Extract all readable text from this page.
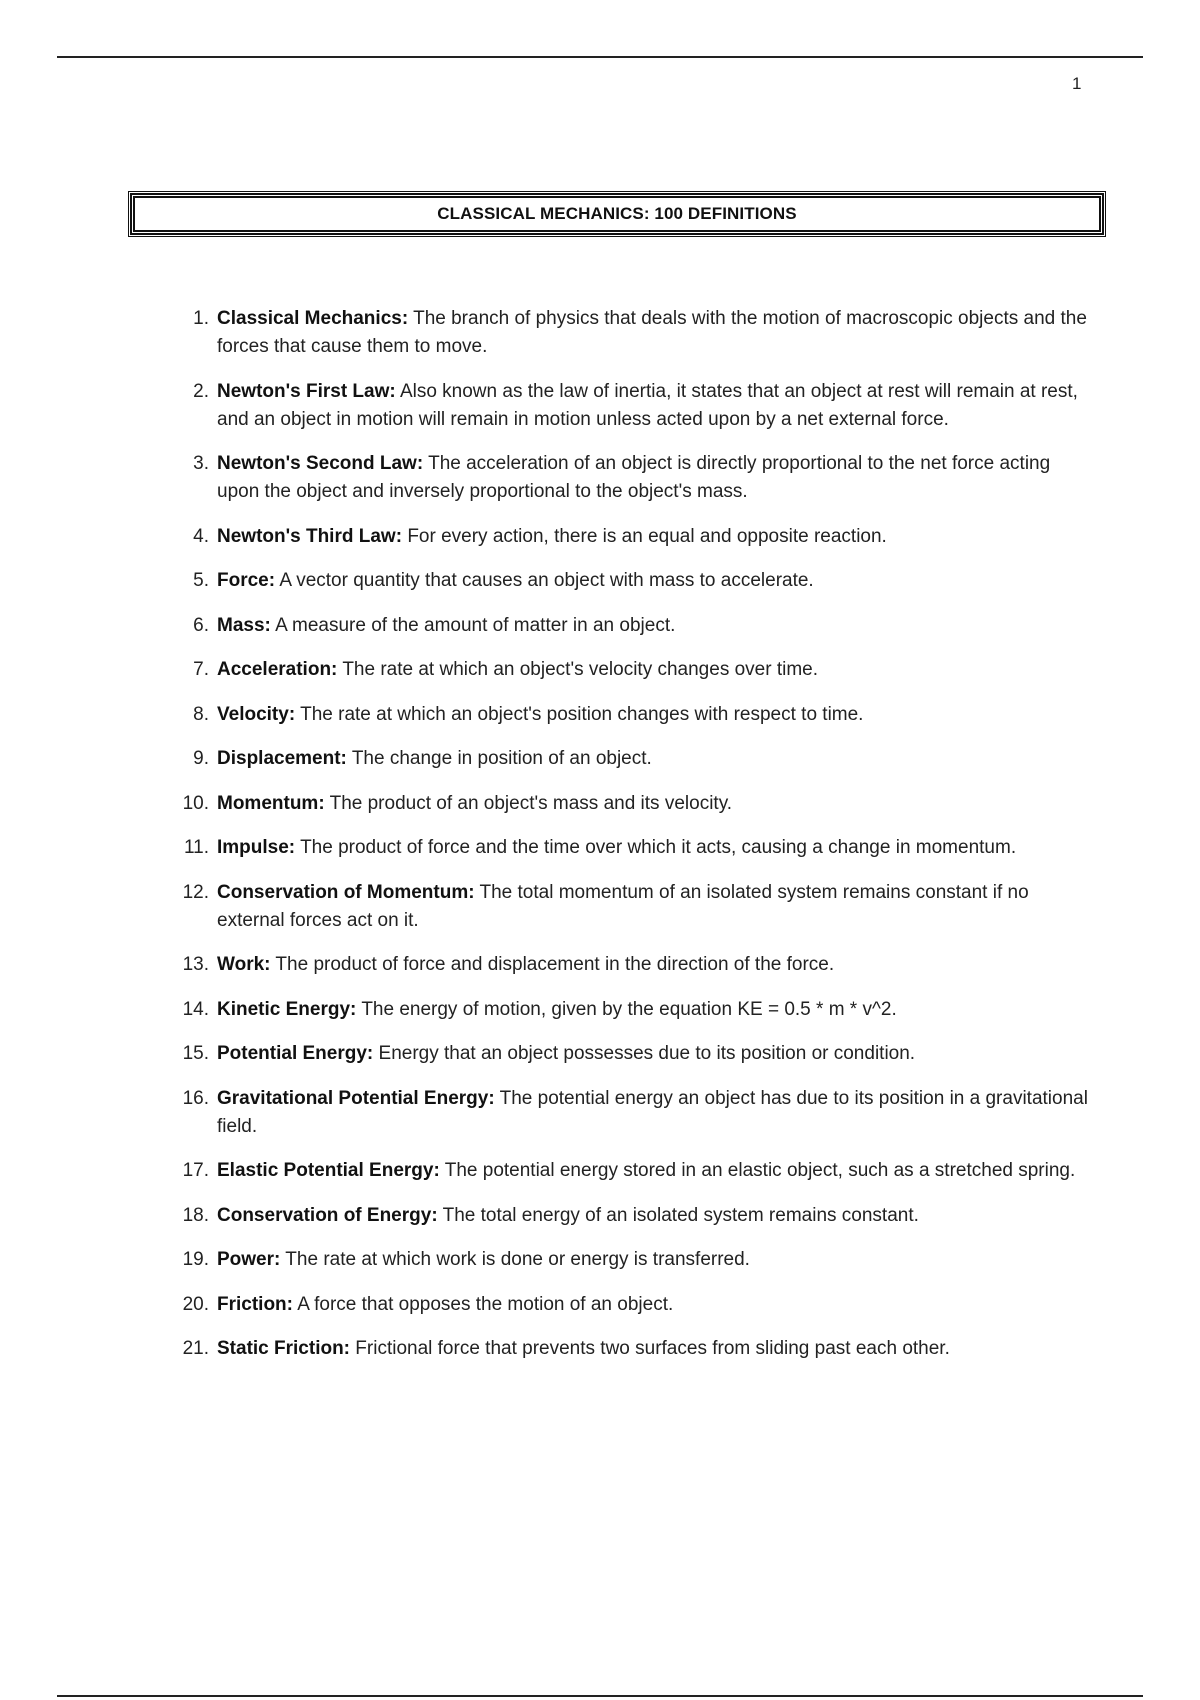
1
CLASSICAL MECHANICS: 100 DEFINITIONS
1. Classical Mechanics: The branch of physics that deals with the motion of macroscopic objects and the forces that cause them to move.
2. Newton's First Law: Also known as the law of inertia, it states that an object at rest will remain at rest, and an object in motion will remain in motion unless acted upon by a net external force.
3. Newton's Second Law: The acceleration of an object is directly proportional to the net force acting upon the object and inversely proportional to the object's mass.
4. Newton's Third Law: For every action, there is an equal and opposite reaction.
5. Force: A vector quantity that causes an object with mass to accelerate.
6. Mass: A measure of the amount of matter in an object.
7. Acceleration: The rate at which an object's velocity changes over time.
8. Velocity: The rate at which an object's position changes with respect to time.
9. Displacement: The change in position of an object.
10. Momentum: The product of an object's mass and its velocity.
11. Impulse: The product of force and the time over which it acts, causing a change in momentum.
12. Conservation of Momentum: The total momentum of an isolated system remains constant if no external forces act on it.
13. Work: The product of force and displacement in the direction of the force.
14. Kinetic Energy: The energy of motion, given by the equation KE = 0.5 * m * v^2.
15. Potential Energy: Energy that an object possesses due to its position or condition.
16. Gravitational Potential Energy: The potential energy an object has due to its position in a gravitational field.
17. Elastic Potential Energy: The potential energy stored in an elastic object, such as a stretched spring.
18. Conservation of Energy: The total energy of an isolated system remains constant.
19. Power: The rate at which work is done or energy is transferred.
20. Friction: A force that opposes the motion of an object.
21. Static Friction: Frictional force that prevents two surfaces from sliding past each other.
